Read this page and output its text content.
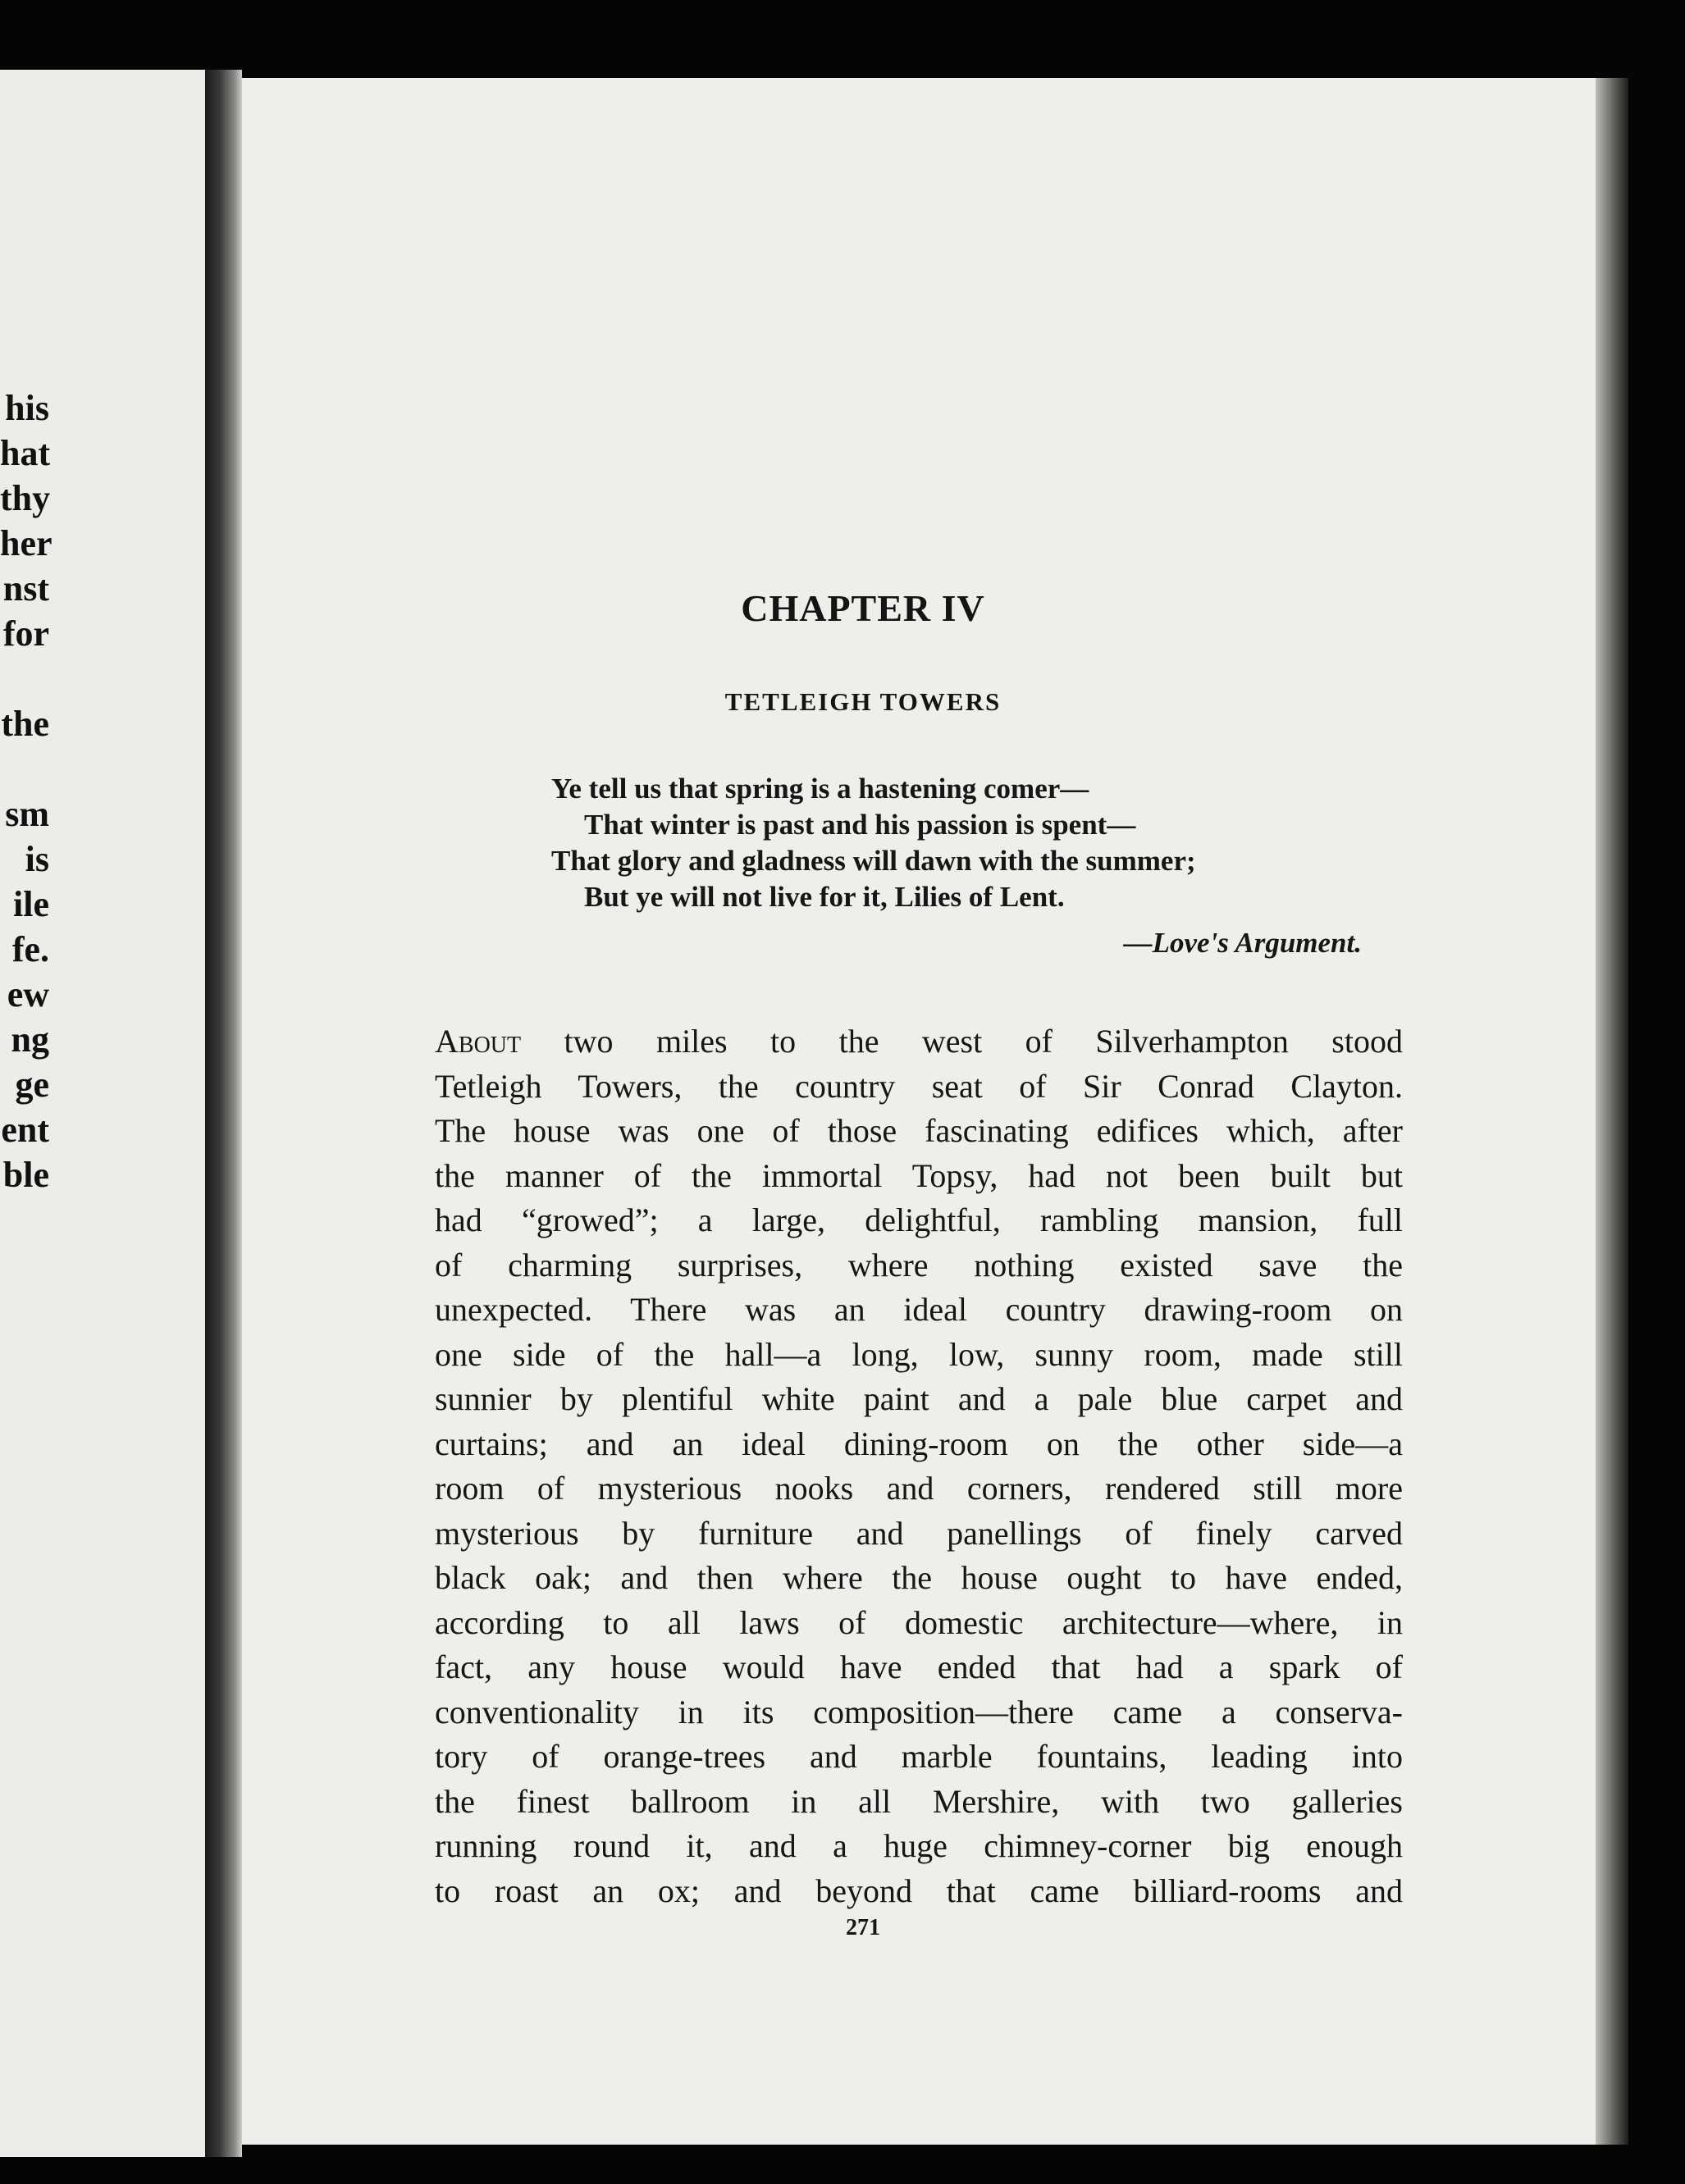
his
hat
thy
her
nst
for
the
sm
is
ile
fe.
ew
ng
ge
ent
ble
CHAPTER IV
TETLEIGH TOWERS
Ye tell us that spring is a hastening comer—
That winter is past and his passion is spent—
That glory and gladness will dawn with the summer;
But ye will not live for it, Lilies of Lent.
—Love's Argument.
About two miles to the west of Silverhampton stood
Tetleigh Towers, the country seat of Sir Conrad Clayton.
The house was one of those fascinating edifices which, after
the manner of the immortal Topsy, had not been built but
had “growed”; a large, delightful, rambling mansion, full
of charming surprises, where nothing existed save the
unexpected. There was an ideal country drawing-room on
one side of the hall—a long, low, sunny room, made still
sunnier by plentiful white paint and a pale blue carpet and
curtains; and an ideal dining-room on the other side—a
room of mysterious nooks and corners, rendered still more
mysterious by furniture and panellings of finely carved
black oak; and then where the house ought to have ended,
according to all laws of domestic architecture—where, in
fact, any house would have ended that had a spark of
conventionality in its composition—there came a conserva-
tory of orange-trees and marble fountains, leading into
the finest ballroom in all Mershire, with two galleries
running round it, and a huge chimney-corner big enough
to roast an ox; and beyond that came billiard-rooms and
271
